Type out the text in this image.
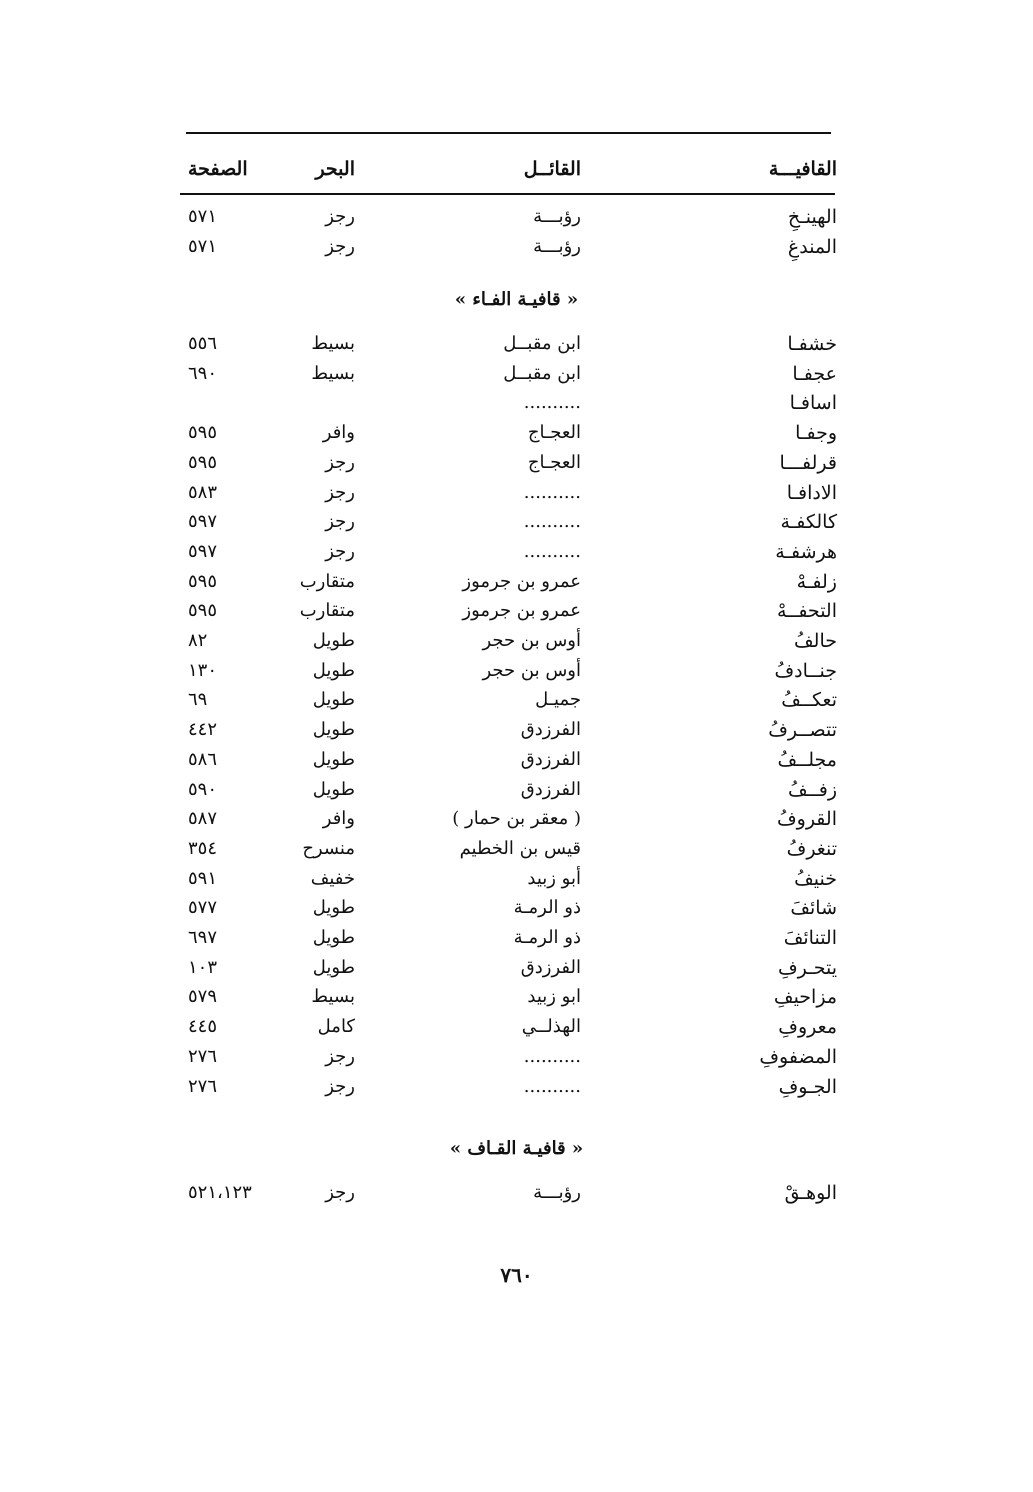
القافيـــة
القائــل
البحر
الصفحة
الهينـخِ
رؤبـــة
رجز
٥٧١
المندغِ
رؤبـــة
رجز
٥٧١
« قافيـة الفـاء »
خشفـا
ابن مقبــل
بسيط
٥٥٦
عجفـا
ابن مقبــل
بسيط
٦٩٠
اسافـا
..........
وجفـا
العجـاج
وافر
٥٩٥
قرلفـــا
العجـاج
رجز
٥٩٥
الادافـا
..........
رجز
٥٨٣
كالكفـة
..........
رجز
٥٩٧
هرشفـة
..........
رجز
٥٩٧
زلفـهْ
عمرو بن جرموز
متقارب
٥٩٥
التحفــهْ
عمرو بن جرموز
متقارب
٥٩٥
حالفُ
أوس بن حجر
طويل
٨٢
جنــادفُ
أوس بن حجر
طويل
١٣٠
تعكــفُ
جميـل
طويل
٦٩
تتصــرفُ
الفرزدق
طويل
٤٤٢
مجلــفُ
الفرزدق
طويل
٥٨٦
زفــفُ
الفرزدق
طويل
٥٩٠
القروفُ
( معقر بن حمار )
وافر
٥٨٧
تنغرفُ
قيس بن الخطيم
منسرح
٣٥٤
خنيفُ
أبو زبيد
خفيف
٥٩١
شائفَ
ذو الرمـة
طويل
٥٧٧
التنائفَ
ذو الرمـة
طويل
٦٩٧
يتحـرفِ
الفرزدق
طويل
١٠٣
مزاحيفِ
ابو زبيد
بسيط
٥٧٩
معروفِ
الهذلــي
كامل
٤٤٥
المضفوفِ
..........
رجز
٢٧٦
الجـوفِ
..........
رجز
٢٧٦
« قافيـة القـاف »
الوهـقْ
رؤبـــة
رجز
٥٢١،١٢٣
٧٦٠
